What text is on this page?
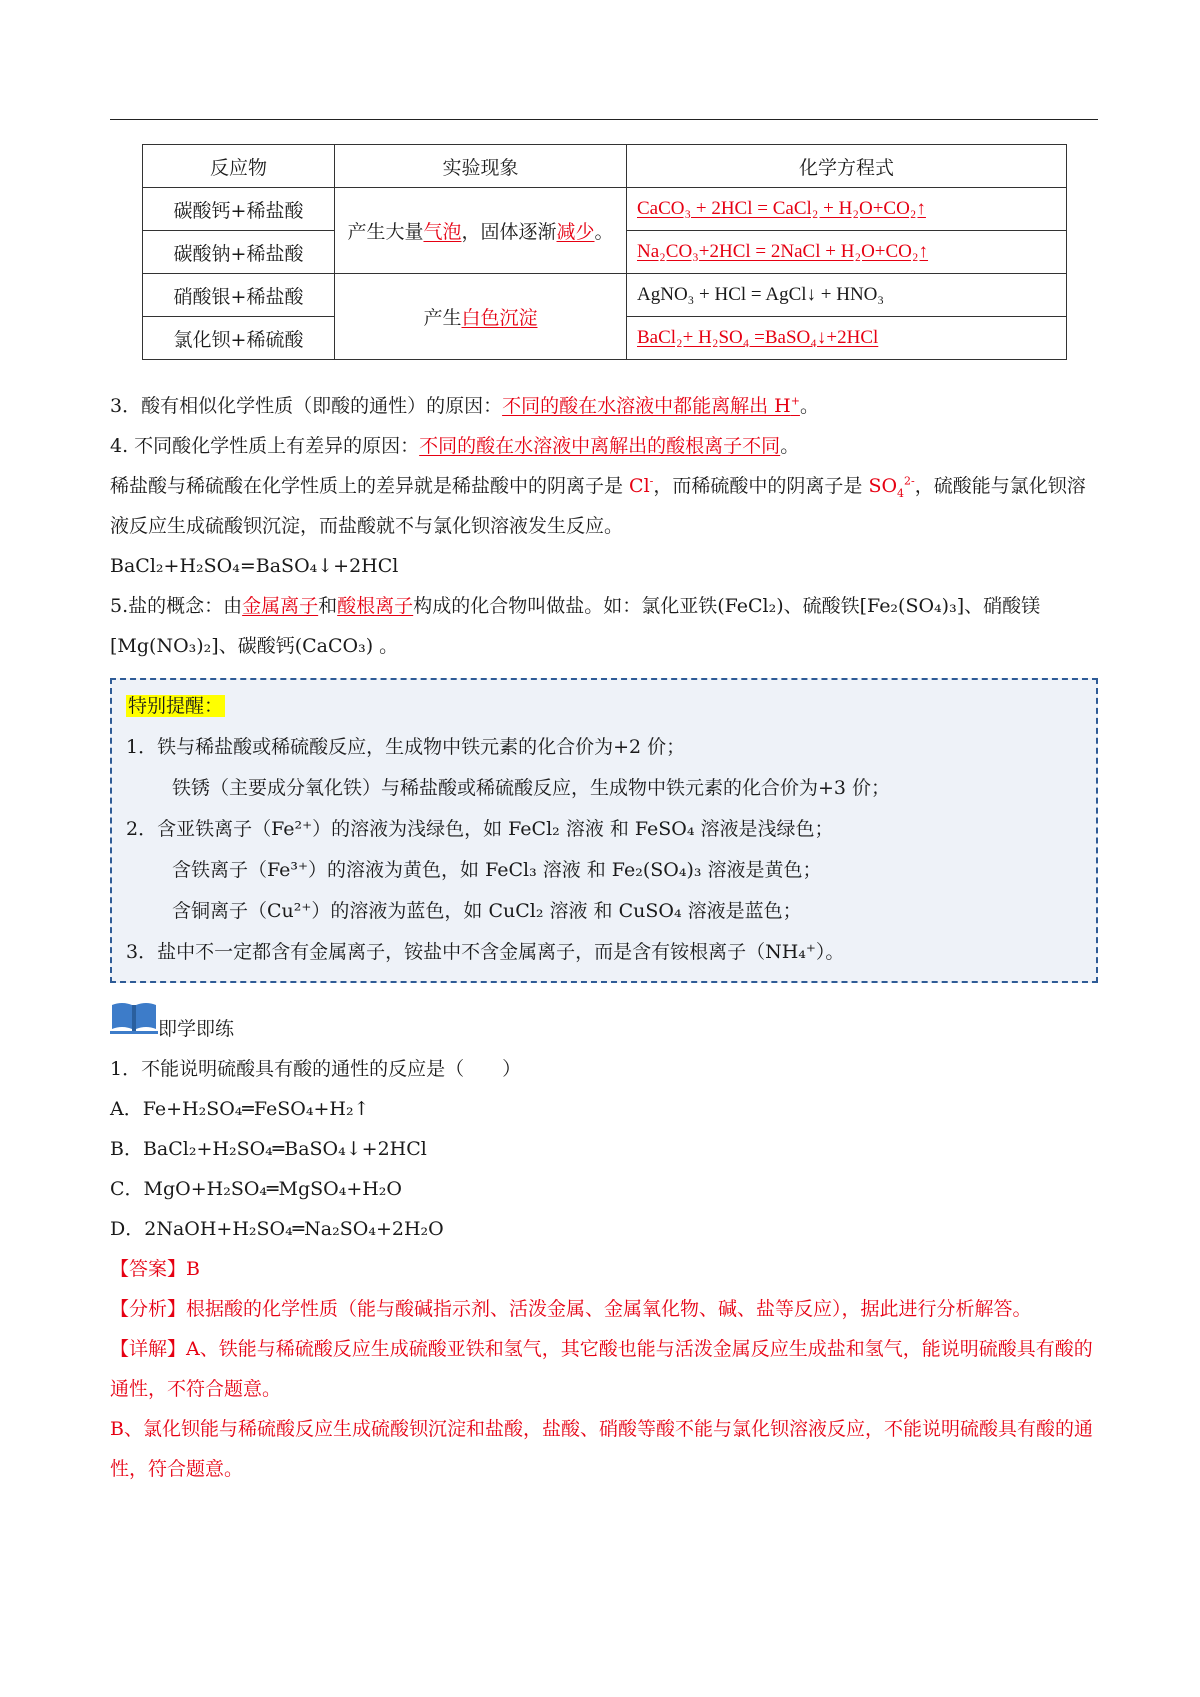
反应物	实验现象	化学方程式
碳酸钙+稀盐酸	产生大量气泡，固体逐渐减少。	CaCO₃ + 2HCl = CaCl₂ + H₂O+CO₂↑
碳酸钠+稀盐酸		Na₂CO₃+2HCl = 2NaCl + H₂O+CO₂↑
硝酸银+稀盐酸	产生白色沉淀	AgNO₃ + HCl = AgCl↓ + HNO₃
氯化钡+稀硫酸		BaCl₂+ H₂SO₄ =BaSO₄↓+2HCl

3．酸有相似化学性质（即酸的通性）的原因：不同的酸在水溶液中都能离解出 H+。

4. 不同酸化学性质上有差异的原因：不同的酸在水溶液中离解出的酸根离子不同。

稀盐酸与稀硫酸在化学性质上的差异就是稀盐酸中的阴离子是 Cl-，而稀硫酸中的阴离子是 $SO_4^{2-}$，硫酸能与氯化钡溶液反应生成硫酸钡沉淀，而盐酸就不与氯化钡溶液发生反应。

BaCl₂+H₂SO₄=BaSO₄↓+2HCl

5.盐的概念：由金属离子和酸根离子构成的化合物叫做盐。如：氯化亚铁(FeCl₂)、硫酸铁[Fe₂(SO₄)₃]、硝酸镁[Mg(NO₃)₂]、碳酸钙(CaCO₃) 。

特别提醒：

1．铁与稀盐酸或稀硫酸反应，生成物中铁元素的化合价为+2 价；

铁锈（主要成分氧化铁）与稀盐酸或稀硫酸反应，生成物中铁元素的化合价为+3 价；

2．含亚铁离子（Fe²⁺）的溶液为浅绿色，如 FeCl₂ 溶液 和 FeSO₄ 溶液是浅绿色；

含铁离子（Fe³⁺）的溶液为黄色，如 FeCl₃ 溶液 和 Fe₂(SO₄)₃ 溶液是黄色；

含铜离子（Cu²⁺）的溶液为蓝色，如 CuCl₂ 溶液 和 CuSO₄ 溶液是蓝色；

3．盐中不一定都含有金属离子，铵盐中不含金属离子，而是含有铵根离子（NH₄⁺）。

即学即练

1．不能说明硫酸具有酸的通性的反应是（　　）

A．Fe+H₂SO₄═FeSO₄+H₂↑

B．BaCl₂+H₂SO₄═BaSO₄↓+2HCl

C．MgO+H₂SO₄═MgSO₄+H₂O

D．2NaOH+H₂SO₄═Na₂SO₄+2H₂O

【答案】B

【分析】根据酸的化学性质（能与酸碱指示剂、活泼金属、金属氧化物、碱、盐等反应），据此进行分析解答。

【详解】A、铁能与稀硫酸反应生成硫酸亚铁和氢气，其它酸也能与活泼金属反应生成盐和氢气，能说明硫酸具有酸的通性，不符合题意。

B、氯化钡能与稀硫酸反应生成硫酸钡沉淀和盐酸，盐酸、硝酸等酸不能与氯化钡溶液反应，不能说明硫酸具有酸的通性，符合题意。
